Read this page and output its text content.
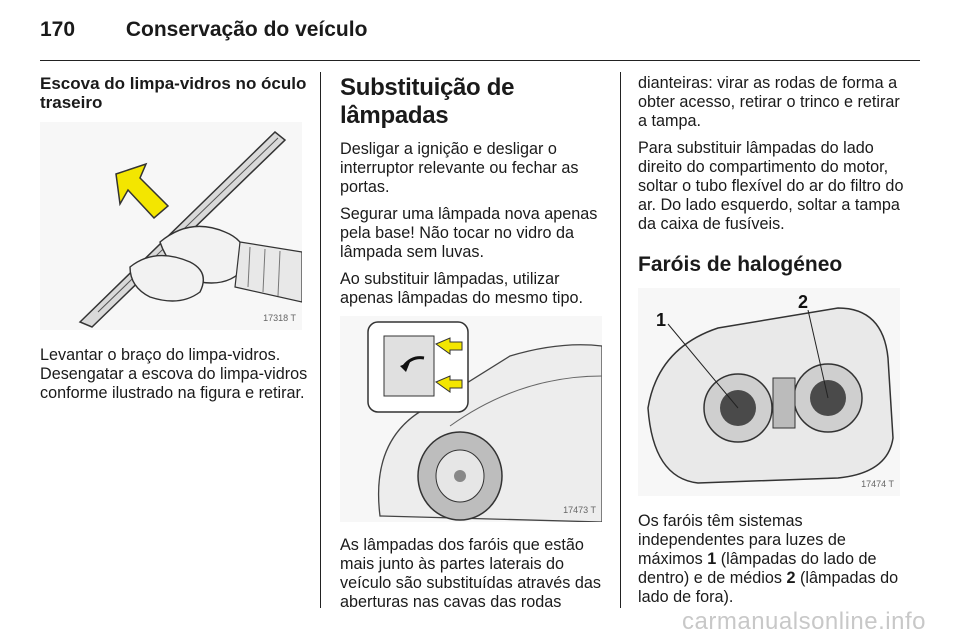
170 Conservação do veículo
Escova do limpa-vidros no óculo traseiro
17318 T

Levantar o braço do limpa-vidros. Desengatar a escova do limpa-vidros conforme ilustrado na figura e retirar.

Substituição de lâmpadas

Desligar a ignição e desligar o interruptor relevante ou fechar as portas.

Segurar uma lâmpada nova apenas pela base! Não tocar no vidro da lâmpada sem luvas.

Ao substituir lâmpadas, utilizar apenas lâmpadas do mesmo tipo.

17473 T

As lâmpadas dos faróis que estão mais junto às partes laterais do veículo são substituídas através das aberturas nas cavas das rodas

dianteiras: virar as rodas de forma a obter acesso, retirar o trinco e retirar a tampa.

Para substituir lâmpadas do lado direito do compartimento do motor, soltar o tubo flexível do ar do filtro do ar. Do lado esquerdo, soltar a tampa da caixa de fusíveis.

Faróis de halogéneo
1
2
17474 T

Os faróis têm sistemas independentes para luzes de máximos 1 (lâmpadas do lado de dentro) e de médios 2 (lâmpadas do lado de fora).

carmanualsonline.info
